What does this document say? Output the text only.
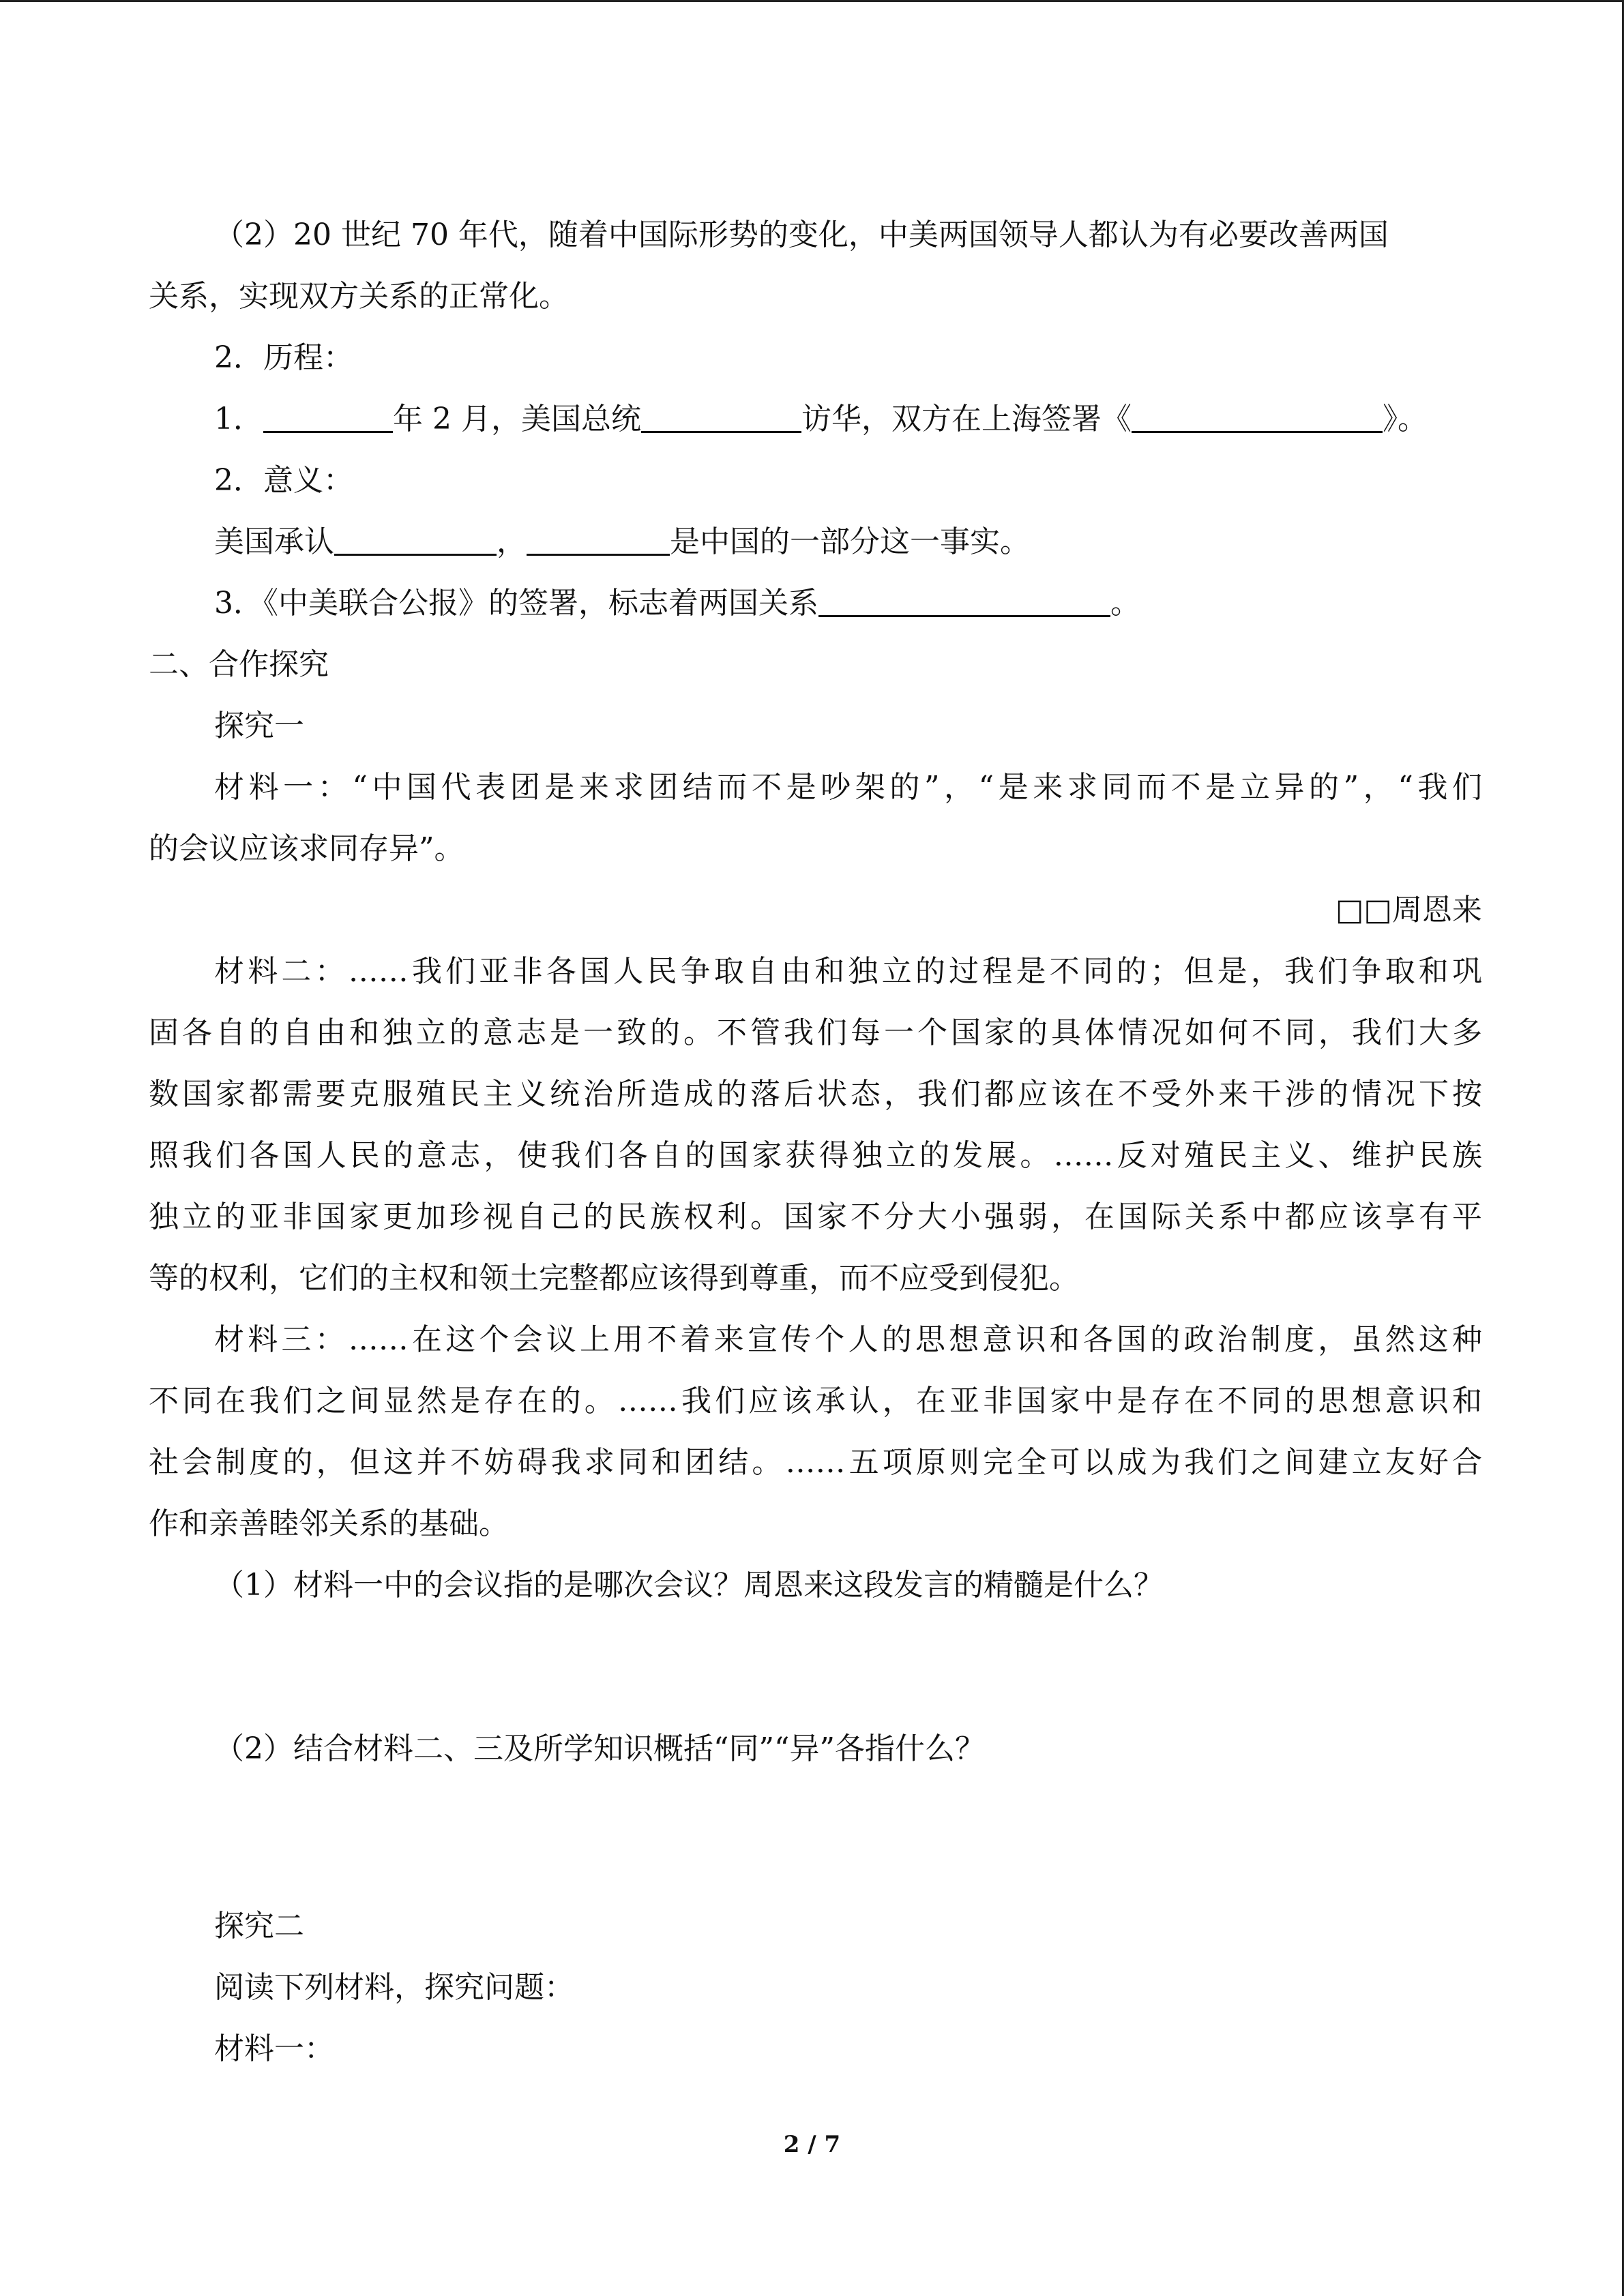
（2）20 世纪 70 年代，随着中国际形势的变化，中美两国领导人都认为有必要改善两国
关系，实现双方关系的正常化。
2．历程：
1．	年 2 月，美国总统	访华，双方在上海签署《	》。
2．意义：
美国承认	，	是中国的一部分这一事实。
3．《中美联合公报》的签署，标志着两国关系	。
二、合作探究
探究一
材料一：“中国代表团是来求团结而不是吵架的”，“是来求同而不是立异的”，“我们
的会议应该求同存异”。
□□周恩来
材料二：……我们亚非各国人民争取自由和独立的过程是不同的；但是，我们争取和巩
固各自的自由和独立的意志是一致的。不管我们每一个国家的具体情况如何不同，我们大多
数国家都需要克服殖民主义统治所造成的落后状态，我们都应该在不受外来干涉的情况下按
照我们各国人民的意志，使我们各自的国家获得独立的发展。……反对殖民主义、维护民族
独立的亚非国家更加珍视自己的民族权利。国家不分大小强弱，在国际关系中都应该享有平
等的权利，它们的主权和领土完整都应该得到尊重，而不应受到侵犯。
材料三：……在这个会议上用不着来宣传个人的思想意识和各国的政治制度，虽然这种
不同在我们之间显然是存在的。……我们应该承认，在亚非国家中是存在不同的思想意识和
社会制度的，但这并不妨碍我求同和团结。……五项原则完全可以成为我们之间建立友好合
作和亲善睦邻关系的基础。
（1）材料一中的会议指的是哪次会议？周恩来这段发言的精髓是什么？
（2）结合材料二、三及所学知识概括“同”“异”各指什么？
探究二
阅读下列材料，探究问题：
材料一：
2 / 7
